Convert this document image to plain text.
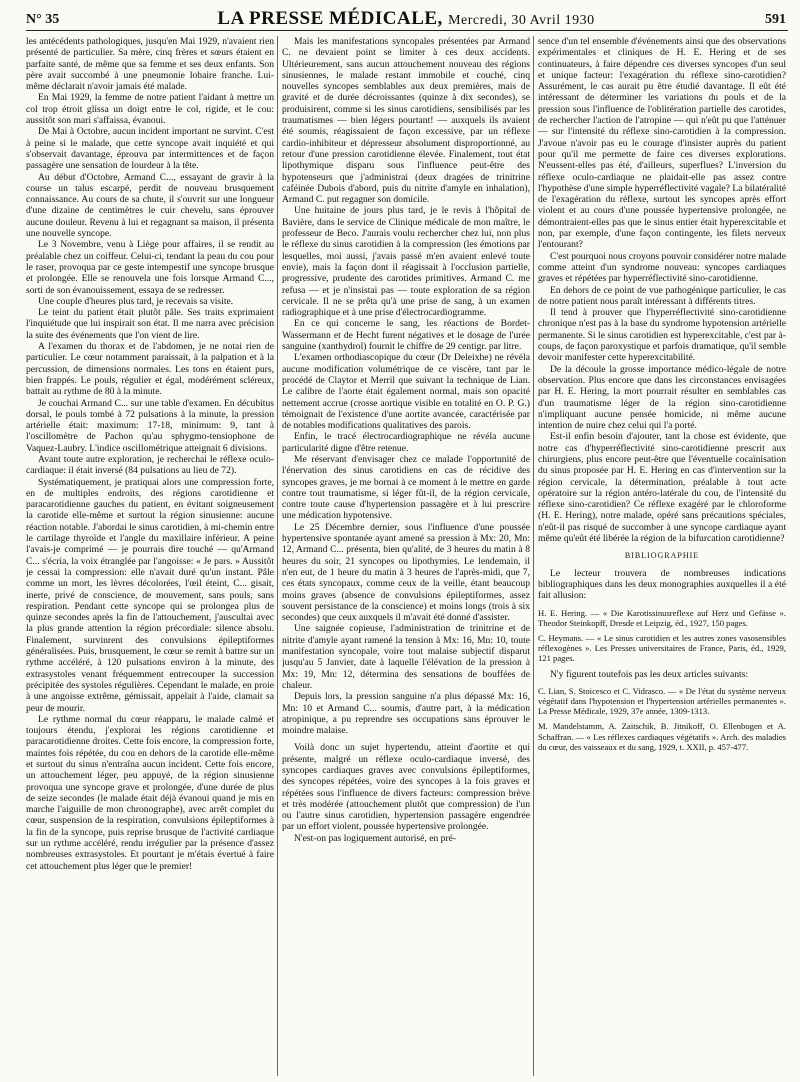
N° 35	LA PRESSE MÉDICALE, Mercredi, 30 Avril 1930	591

les antécédents pathologiques, jusqu'en Mai 1929, n'avaient rien présenté de particulier. Sa mère, cinq frères et sœurs étaient en parfaite santé, de même que sa femme et ses deux enfants. Son père avait succombé à une pneumonie lobaire franche. Lui-même déclarait n'avoir jamais été malade.

En Mai 1929, la femme de notre patient l'aidant à mettre un col trop étroit glissa un doigt entre le col, rigide, et le cou: aussitôt son mari s'affaissa, évanoui.

De Mai à Octobre, aucun incident important ne survint. C'est à peine si le malade, que cette syncope avait inquiété et qui s'observait davantage, éprouva par intermittences et de façon passagère une sensation de lourdeur à la tête.

Au début d'Octobre, Armand C..., essayant de gravir à la course un talus escarpé, perdit de nouveau brusquement connaissance. Au cours de sa chute, il s'ouvrit sur une longueur d'une dizaine de centimètres le cuir chevelu, sans éprouver aucune douleur. Revenu à lui et regagnant sa maison, il présenta une nouvelle syncope.

Le 3 Novembre, venu à Liège pour affaires, il se rendit au préalable chez un coiffeur. Celui-ci, tendant la peau du cou pour le raser, provoqua par ce geste intempestif une syncope brusque et prolongée. Elle se renouvela une fois lorsque Armand C..., sorti de son évanouissement, essaya de se redresser.

Une couple d'heures plus tard, je recevais sa visite.

Le teint du patient était plutôt pâle. Ses traits exprimaient l'inquiétude que lui inspirait son état. Il me narra avec précision la suite des événements que l'on vient de lire.

A l'examen du thorax et de l'abdomen, je ne notai rien de particulier. Le cœur notamment paraissait, à la palpation et à la percussion, de dimensions normales. Les tons en étaient purs, bien frappés. Le pouls, régulier et égal, modérément scléreux, battait au rythme de 80 à la minute.

Je couchai Armand C... sur une table d'examen. En décubitus dorsal, le pouls tombé à 72 pulsations à la minute, la pression artérielle était: maximum: 17-18, minimum: 9, tant à l'oscillomètre de Pachon qu'au sphygmo-tensiophone de Vaquez-Laubry. L'indice oscillométrique atteignait 6 divisions.

Avant toute autre exploration, je recherchai le réflexe oculo-cardiaque: il était inversé (84 pulsations au lieu de 72).

Systématiquement, je pratiquai alors une compression forte, en de multiples endroits, des régions carotidienne et paracarotidienne gauches du patient, en évitant soigneusement la carotide elle-même et surtout la région sinusienne: aucune réaction notable. J'abordai le sinus carotidien, à mi-chemin entre le cartilage thyroïde et l'angle du maxillaire inférieur. A peine l'avais-je comprimé — je pourrais dire touché — qu'Armand C... s'écria, la voix étranglée par l'angoisse: « Je pars. » Aussitôt je cessai la compression: elle n'avait duré qu'un instant. Pâle comme un mort, les lèvres décolorées, l'œil éteint, C... gisait, inerte, privé de conscience, de mouvement, sans pouls, sans respiration. Pendant cette syncope qui se prolongea plus de quinze secondes après la fin de l'attouchement, j'auscultai avec la plus grande attention la région précordiale: silence absolu. Finalement, survinrent des convulsions épileptiformes généralisées. Puis, brusquement, le cœur se remit à battre sur un rythme accéléré, à 120 pulsations environ à la minute, des extrasystoles venant fréquemment entrecouper la succession précipitée des systoles régulières. Cependant le malade, en proie à une angoisse extrême, gémissait, appelait à l'aide, clamait sa peur de mourir.

Le rythme normal du cœur réapparu, le malade calmé et toujours étendu, j'explorai les régions carotidienne et paracarotidienne droites. Cette fois encore, la compression forte, maintes fois répétée, du cou en dehors de la carotide elle-même et surtout du sinus n'entraîna aucun incident. Cette fois encore, un attouchement léger, peu appuyé, de la région sinusienne provoqua une syncope grave et prolongée, d'une durée de plus de seize secondes (le malade était déjà évanoui quand je mis en marche l'aiguille de mon chronographe), avec arrêt complet du cœur, suspension de la respiration, convulsions épileptiformes à la fin de la syncope, puis reprise brusque de l'activité cardiaque sur un rythme accéléré, rendu irrégulier par la présence d'assez nombreuses extrasystoles. Et pourtant je m'étais évertué à faire cet attouchement plus léger que le premier!

Mais les manifestations syncopales présentées par Armand C. ne devaient point se limiter à ces deux accidents. Ultérieurement, sans aucun attouchement nouveau des régions sinusiennes, le malade restant immobile et couché, cinq nouvelles syncopes semblables aux deux premières, mais de gravité et de durée décroissantes (quinze à dix secondes), se produisirent, comme si les sinus carotidiens, sensibilisés par les traumatismes — bien légers pourtant! — auxquels ils avaient été soumis, réagissaient de façon excessive, par un réflexe cardio-inhibiteur et dépresseur absolument disproportionné, au retour d'une pression carotidienne élevée. Finalement, tout état lipothymique disparu sous l'influence peut-être des hypotenseurs que j'administrai (deux dragées de trinitrine caféinée Dubois d'abord, puis du nitrite d'amyle en inhalation), Armand C. put regagner son domicile.

Une huitaine de jours plus tard, je le revis à l'hôpital de Bavière, dans le service de Clinique médicale de mon maître, le professeur de Beco. J'aurais voulu rechercher chez lui, non plus le réflexe du sinus carotidien à la compression (les émotions par lesquelles, moi aussi, j'avais passé m'en avaient enlevé toute envie), mais la façon dont il réagissait à l'occlusion partielle, progressive, prudente des carotides primitives. Armand C. me refusa — et je n'insistai pas — toute exploration de sa région cervicale. Il ne se prêta qu'à une prise de sang, à un examen radiographique et à une prise d'électrocardiogramme.

En ce qui concerne le sang, les réactions de Bordet-Wassermann et de Hecht furent négatives et le dosage de l'urée sanguine (xanthydrol) fournit le chiffre de 29 centigr. par litre.

L'examen orthodiascopique du cœur (Dr Deleixhe) ne révéla aucune modification volumétrique de ce viscère, tant par le procédé de Claytor et Merril que suivant la technique de Lian. Le calibre de l'aorte était également normal, mais son opacité nettement accrue (crosse aortique visible en totalité en O. P. G.) témoignait de l'existence d'une aortite avancée, caractérisée par de notables modifications qualitatives des parois.

Enfin, le tracé électrocardiographique ne révéla aucune particularité digne d'être retenue.

Me réservant d'envisager chez ce malade l'opportunité de l'énervation des sinus carotidiens en cas de récidive des syncopes graves, je me bornai à ce moment à le mettre en garde contre tout traumatisme, si léger fût-il, de la région cervicale, contre toute cause d'hypertension passagère et à lui prescrire une médication hypotensive.

Le 25 Décembre dernier, sous l'influence d'une poussée hypertensive spontanée ayant amené sa pression à Mx: 20, Mn: 12, Armand C... présenta, bien qu'alité, de 3 heures du matin à 8 heures du soir, 21 syncopes ou lipothymies. Le lendemain, il n'en eut, de 1 heure du matin à 3 heures de l'après-midi, que 7, ces états syncopaux, comme ceux de la veille, étant beaucoup moins graves (absence de convulsions épileptiformes, assez souvent persistance de la conscience) et moins longs (trois à six secondes) que ceux auxquels il m'avait été donné d'assister.

Une saignée copieuse, l'administration de trinitrine et de nitrite d'amyle ayant ramené la tension à Mx: 16, Mn: 10, toute manifestation syncopale, voire tout malaise subjectif disparut jusqu'au 5 Janvier, date à laquelle l'élévation de la pression à Mx: 19, Mn: 12, détermina des sensations de bouffées de chaleur.

Depuis lors, la pression sanguine n'a plus dépassé Mx: 16, Mn: 10 et Armand C... soumis, d'autre part, à la médication atropinique, a pu reprendre ses occupations sans éprouver le moindre malaise.

Voilà donc un sujet hypertendu, atteint d'aortite et qui présente, malgré un réflexe oculo-cardiaque inversé, des syncopes cardiaques graves avec convulsions épileptiformes, des syncopes répétées, voire des syncopes à la fois graves et répétées sous l'influence de divers facteurs: compression brève et très modérée (attouchement plutôt que compression) de l'un ou l'autre sinus carotidien, hypertension passagère engendrée par un effort violent, poussée hypertensive prolongée.

N'est-on pas logiquement autorisé, en pré-

sence d'un tel ensemble d'événements ainsi que des observations expérimentales et cliniques de H. E. Hering et de ses continuateurs, à faire dépendre ces diverses syncopes d'un seul et unique facteur: l'exagération du réflexe sino-carotidien? Assurément, le cas aurait pu être étudié davantage. Il eût été intéressant de déterminer les variations du pouls et de la pression sous l'influence de l'oblitération partielle des carotides, de rechercher l'action de l'atropine — qui n'eût pu que l'atténuer — sur l'intensité du réflexe sino-carotidien à la compression. J'avoue n'avoir pas eu le courage d'insister auprès du patient pour qu'il me permette de faire ces diverses explorations. N'eussent-elles pas été, d'ailleurs, superflues? L'inversion du réflexe oculo-cardiaque ne plaidait-elle pas assez contre l'hypothèse d'une simple hyperréflectivité vagale? La bilatéralité de l'exagération du réflexe, surtout les syncopes après effort violent et au cours d'une poussée hypertensive prolongée, ne démontraient-elles pas que le sinus entier était hyperexcitable et non, par exemple, d'une façon contingente, les filets nerveux l'entourant?

C'est pourquoi nous croyons pouvoir considérer notre malade comme atteint d'un syndrome nouveau: syncopes cardiaques graves et répétées par hyperréflectivité sino-carotidienne.

En dehors de ce point de vue pathogénique particulier, le cas de notre patient nous paraît intéressant à différents titres.

Il tend à prouver que l'hyperréflectivité sino-carotidienne chronique n'est pas à la base du syndrome hypotension artérielle permanente. Si le sinus carotidien est hyperexcitable, c'est par à-coups, de façon paroxystique et parfois dramatique, qu'il semble devoir manifester cette hyperexcitabilité.

De la découle la grosse importance médico-légale de notre observation. Plus encore que dans les circonstances envisagées par H. E. Hering, la mort pourrait résulter en semblables cas d'un traumatisme léger de la région sino-carotidienne n'impliquant aucune pensée homicide, ni même aucune intention de nuire chez celui qui l'a porté.

Est-il enfin besoin d'ajouter, tant la chose est évidente, que notre cas d'hyperréflectivité sino-carotidienne prescrit aux chirurgiens, plus encore peut-être que l'éventuelle cocaïnisation du sinus proposée par H. E. Hering en cas d'intervention sur la région cervicale, la détermination, préalable à tout acte opératoire sur la région antéro-latérale du cou, de l'intensité du réflexe sino-carotidien? Ce réflexe exagéré par le chloroforme (H. E. Hering), notre malade, opéré sans précautions spéciales, n'eût-il pas risqué de succomber à une syncope cardiaque ayant même qu'eût été libérée la région de la bifurcation carotidienne?

BIBLIOGRAPHIE

Le lecteur trouvera de nombreuses indications bibliographiques dans les deux monographies auxquelles il a été fait allusion:

H. E. Hering. — « Die Karotissinusreflexe auf Herz und Gefässe ». Theodor Steinkopff, Dresde et Leipzig, éd., 1927, 150 pages.

C. Heymans. — « Le sinus carotidien et les autres zones vasosensibles réflexogènes ». Les Presses universitaires de France, Paris, éd., 1929, 121 pages.

N'y figurent toutefois pas les deux articles suivants:

C. Lian, S. Stoicesco et C. Vidrasco. — « De l'état du système nerveux végétatif dans l'hypotension et l'hypertension artérielles permanentes ». La Presse Médicale, 1929, 37e année, 1309-1313.

M. Mandelstamm, A. Zaitschik, B. Jitnikoff, O. Ellenbogen et A. Schaffran. — « Les réflexes cardiaques végétatifs ». Arch. des maladies du cœur, des vaisseaux et du sang, 1929, t. XXII, p. 457-477.
